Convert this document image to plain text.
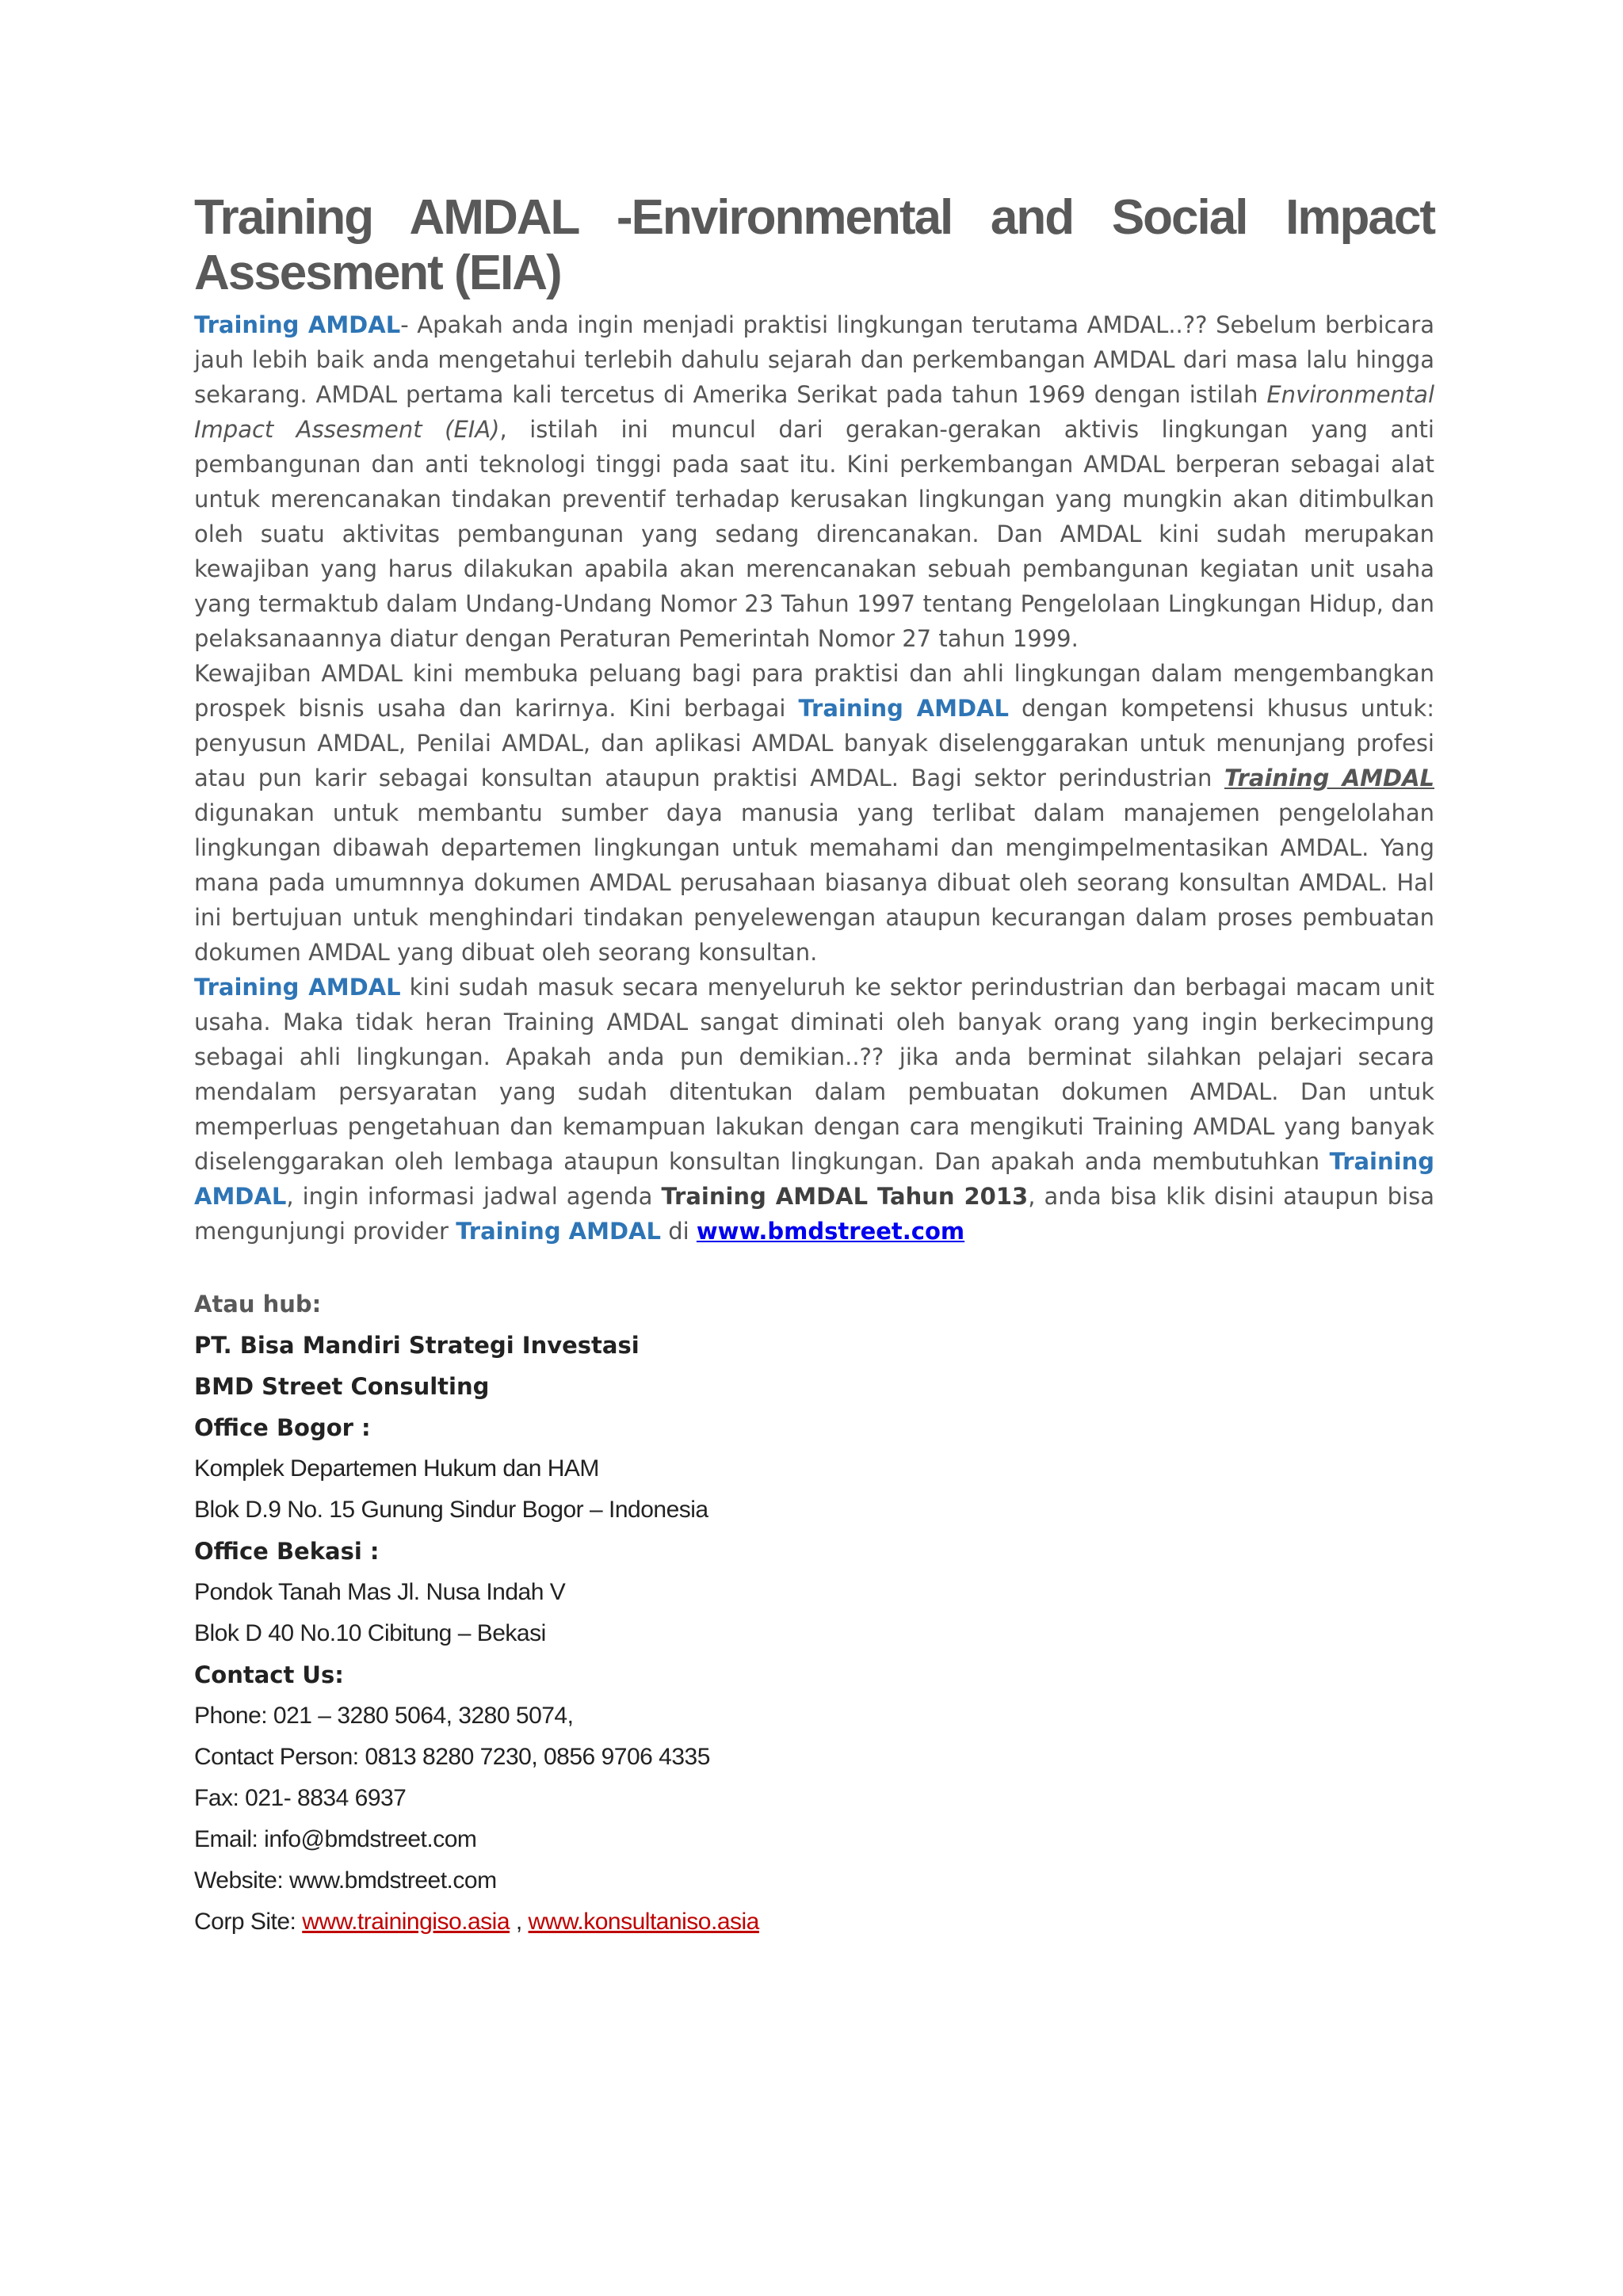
Training AMDAL -Environmental and Social Impact Assesment (EIA)

Training AMDAL- Apakah anda ingin menjadi praktisi lingkungan terutama AMDAL..?? Sebelum berbicara jauh lebih baik anda mengetahui terlebih dahulu sejarah dan perkembangan AMDAL dari masa lalu hingga sekarang. AMDAL pertama kali tercetus di Amerika Serikat pada tahun 1969 dengan istilah Environmental Impact Assesment (EIA), istilah ini muncul dari gerakan-gerakan aktivis lingkungan yang anti pembangunan dan anti teknologi tinggi pada saat itu. Kini perkembangan AMDAL berperan sebagai alat untuk merencanakan tindakan preventif terhadap kerusakan lingkungan yang mungkin akan ditimbulkan oleh suatu aktivitas pembangunan yang sedang direncanakan. Dan AMDAL kini sudah merupakan kewajiban yang harus dilakukan apabila akan merencanakan sebuah pembangunan kegiatan unit usaha yang termaktub dalam Undang-Undang Nomor 23 Tahun 1997 tentang Pengelolaan Lingkungan Hidup, dan pelaksanaannya diatur dengan Peraturan Pemerintah Nomor 27 tahun 1999.

Kewajiban AMDAL kini membuka peluang bagi para praktisi dan ahli lingkungan dalam mengembangkan prospek bisnis usaha dan karirnya. Kini berbagai Training AMDAL dengan kompetensi khusus untuk: penyusun AMDAL, Penilai AMDAL, dan aplikasi AMDAL banyak diselenggarakan untuk menunjang profesi atau pun karir sebagai konsultan ataupun praktisi AMDAL. Bagi sektor perindustrian Training AMDAL digunakan untuk membantu sumber daya manusia yang terlibat dalam manajemen pengelolahan lingkungan dibawah departemen lingkungan untuk memahami dan mengimpelmentasikan AMDAL. Yang mana pada umumnnya dokumen AMDAL perusahaan biasanya dibuat oleh seorang konsultan AMDAL. Hal ini bertujuan untuk menghindari tindakan penyelewengan ataupun kecurangan dalam proses pembuatan dokumen AMDAL yang dibuat oleh seorang konsultan.

Training AMDAL kini sudah masuk secara menyeluruh ke sektor perindustrian dan berbagai macam unit usaha. Maka tidak heran Training AMDAL sangat diminati oleh banyak orang yang ingin berkecimpung sebagai ahli lingkungan. Apakah anda pun demikian..?? jika anda berminat silahkan pelajari secara mendalam persyaratan yang sudah ditentukan dalam pembuatan dokumen AMDAL. Dan untuk memperluas pengetahuan dan kemampuan lakukan dengan cara mengikuti Training AMDAL yang banyak diselenggarakan oleh lembaga ataupun konsultan lingkungan. Dan apakah anda membutuhkan Training AMDAL, ingin informasi jadwal agenda Training AMDAL Tahun 2013, anda bisa klik disini ataupun bisa mengunjungi provider Training AMDAL di www.bmdstreet.com

Atau hub:
PT. Bisa Mandiri Strategi Investasi
BMD Street Consulting
Office Bogor :
Komplek Departemen Hukum dan HAM
Blok D.9 No. 15 Gunung Sindur Bogor – Indonesia
Office Bekasi :
Pondok Tanah Mas Jl. Nusa Indah V
Blok D 40 No.10 Cibitung – Bekasi
Contact Us:
Phone: 021 – 3280 5064, 3280 5074,
Contact Person: 0813 8280 7230, 0856 9706 4335
Fax: 021- 8834 6937
Email: info@bmdstreet.com
Website: www.bmdstreet.com
Corp Site: www.trainingiso.asia , www.konsultaniso.asia
